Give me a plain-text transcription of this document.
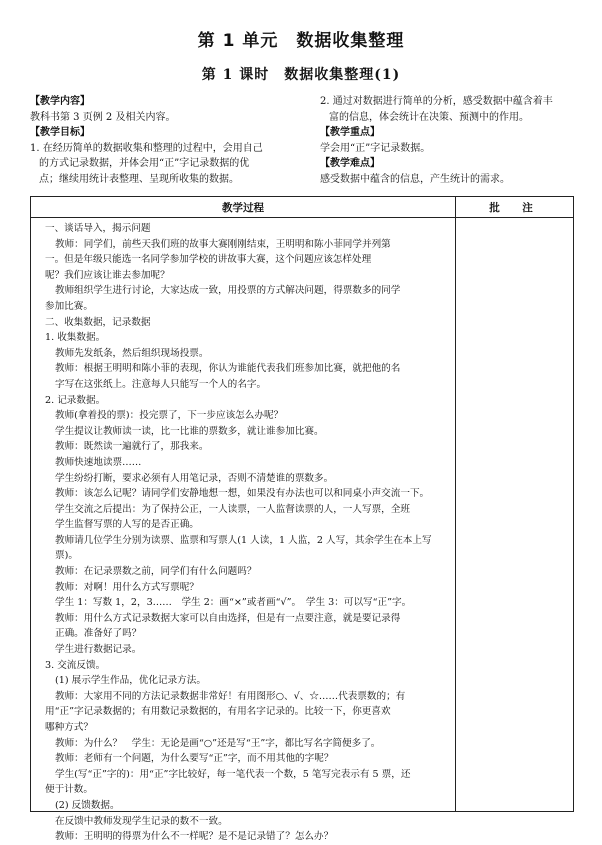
第 1 单元　数据收集整理
第 1 课时　数据收集整理(1)
【教学内容】
教科书第 3 页例 2 及相关内容。
【教学目标】
1. 在经历简单的数据收集和整理的过程中，会用自己
的方式记录数据，并体会用“正”字记录数据的优
点；继续用统计表整理、呈现所收集的数据。
2. 通过对数据进行简单的分析，感受数据中蕴含着丰
富的信息，体会统计在决策、预测中的作用。
【教学重点】
学会用“正”字记录数据。
【教学难点】
感受数据中蕴含的信息，产生统计的需求。
教学过程	批　注

一、谈话导入，揭示问题

教师：同学们，前些天我们班的故事大赛刚刚结束，王明明和陈小菲同学并列第

一。但是年级只能选一名同学参加学校的讲故事大赛，这个问题应该怎样处理

呢？我们应该让谁去参加呢？

教师组织学生进行讨论，大家达成一致，用投票的方式解决问题，得票数多的同学

参加比赛。

二、收集数据，记录数据

1. 收集数据。

教师先发纸条，然后组织现场投票。

教师：根据王明明和陈小菲的表现，你认为谁能代表我们班参加比赛，就把他的名

字写在这张纸上。注意每人只能写一个人的名字。

2. 记录数据。

教师(拿着投的票)：投完票了，下一步应该怎么办呢？

学生提议让教师读一读，比一比谁的票数多，就让谁参加比赛。

教师：既然读一遍就行了，那我来。

教师快速地读票……

学生纷纷打断，要求必须有人用笔记录，否则不清楚谁的票数多。

教师：该怎么记呢？请同学们安静地想一想，如果没有办法也可以和同桌小声交流一下。

学生交流之后提出：为了保持公正，一人读票，一人监督读票的人，一人写票，全班

学生监督写票的人写的是否正确。

教师请几位学生分别为读票、监票和写票人(1 人读，1 人监，2 人写，其余学生在本上写票)。

教师：在记录票数之前，同学们有什么问题吗？

教师：对啊！用什么方式写票呢？

学生 1：写数 1，2，3……　学生 2：画“×”或者画“√”。　学生 3：可以写“正”字。

教师：用什么方式记录数据大家可以自由选择，但是有一点要注意，就是要记录得

正确。准备好了吗？

学生进行数据记录。

3. 交流反馈。

(1) 展示学生作品，优化记录方法。

教师：大家用不同的方法记录数据非常好！有用图形○、√、☆……代表票数的；有

用“正”字记录数据的；有用数记录数据的，有用名字记录的。比较一下，你更喜欢

哪种方式？

教师：为什么？　学生：无论是画“○”还是写“王”字，都比写名字简便多了。

教师：老师有一个问题，为什么要写“正”字，而不用其他的字呢？

学生(写“正”字的)：用“正”字比较好，每一笔代表一个数，5 笔写完表示有 5 票，还

便于计数。

(2) 反馈数据。

在反馈中教师发现学生记录的数不一致。

教师：王明明的得票为什么不一样呢？是不是记录错了？怎么办？
